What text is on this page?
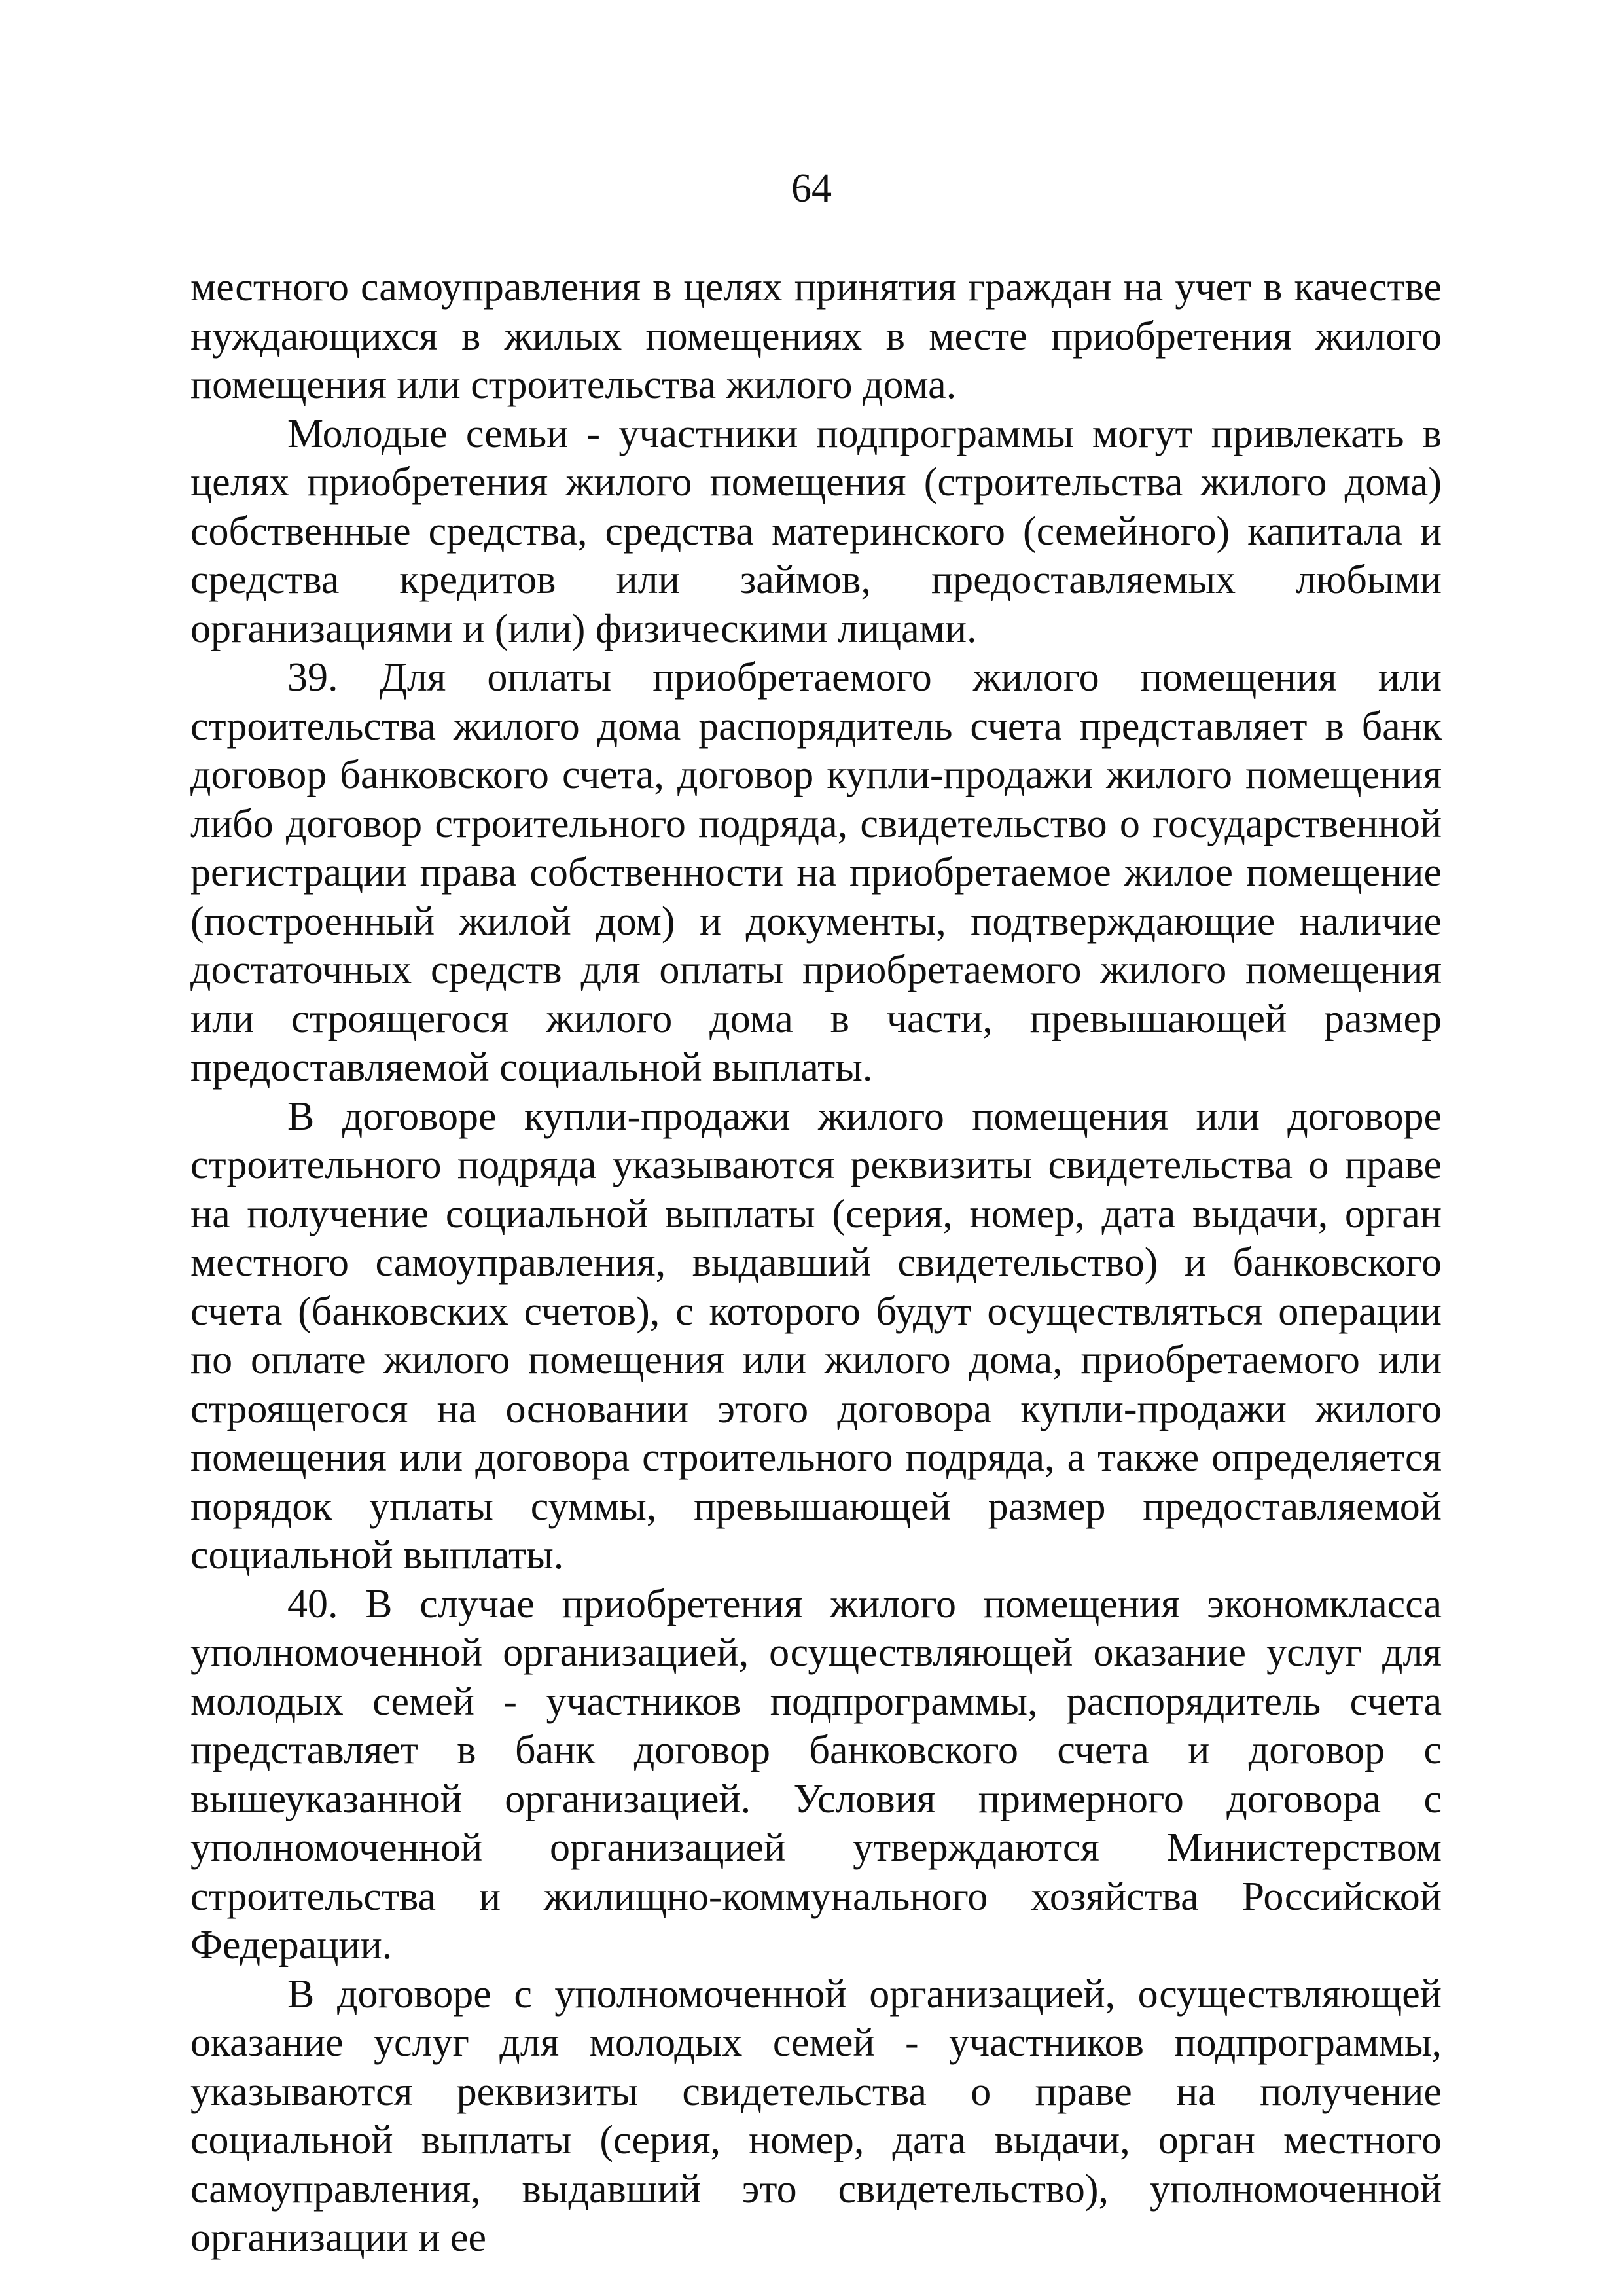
64

местного самоуправления в целях принятия граждан на учет в качестве нуждающихся в жилых помещениях в месте приобретения жилого помещения или строительства жилого дома.

Молодые семьи - участники подпрограммы могут привлекать в целях приобретения жилого помещения (строительства жилого дома) собственные средства, средства материнского (семейного) капитала и средства кредитов или займов, предоставляемых любыми организациями и (или) физическими лицами.

39. Для оплаты приобретаемого жилого помещения или строительства жилого дома распорядитель счета представляет в банк договор банковского счета, договор купли-продажи жилого помещения либо договор строительного подряда, свидетельство о государственной регистрации права собственности на приобретаемое жилое помещение (построенный жилой дом) и документы, подтверждающие наличие достаточных средств для оплаты приобретаемого жилого помещения или строящегося жилого дома в части, превышающей размер предоставляемой социальной выплаты.

В договоре купли-продажи жилого помещения или договоре строительного подряда указываются реквизиты свидетельства о праве на получение социальной выплаты (серия, номер, дата выдачи, орган местного самоуправления, выдавший свидетельство) и банковского счета (банковских счетов), с которого будут осуществляться операции по оплате жилого помещения или жилого дома, приобретаемого или строящегося на основании этого договора купли-продажи жилого помещения или договора строительного подряда, а также определяется порядок уплаты суммы, превышающей размер предоставляемой социальной выплаты.

40. В случае приобретения жилого помещения экономкласса уполномоченной организацией, осуществляющей оказание услуг для молодых семей - участников подпрограммы, распорядитель счета представляет в банк договор банковского счета и договор с вышеуказанной организацией. Условия примерного договора с уполномоченной организацией утверждаются Министерством строительства и жилищно-коммунального хозяйства Российской Федерации.

В договоре с уполномоченной организацией, осуществляющей оказание услуг для молодых семей - участников подпрограммы, указываются реквизиты свидетельства о праве на получение социальной выплаты (серия, номер, дата выдачи, орган местного самоуправления, выдавший это свидетельство), уполномоченной организации и ее
